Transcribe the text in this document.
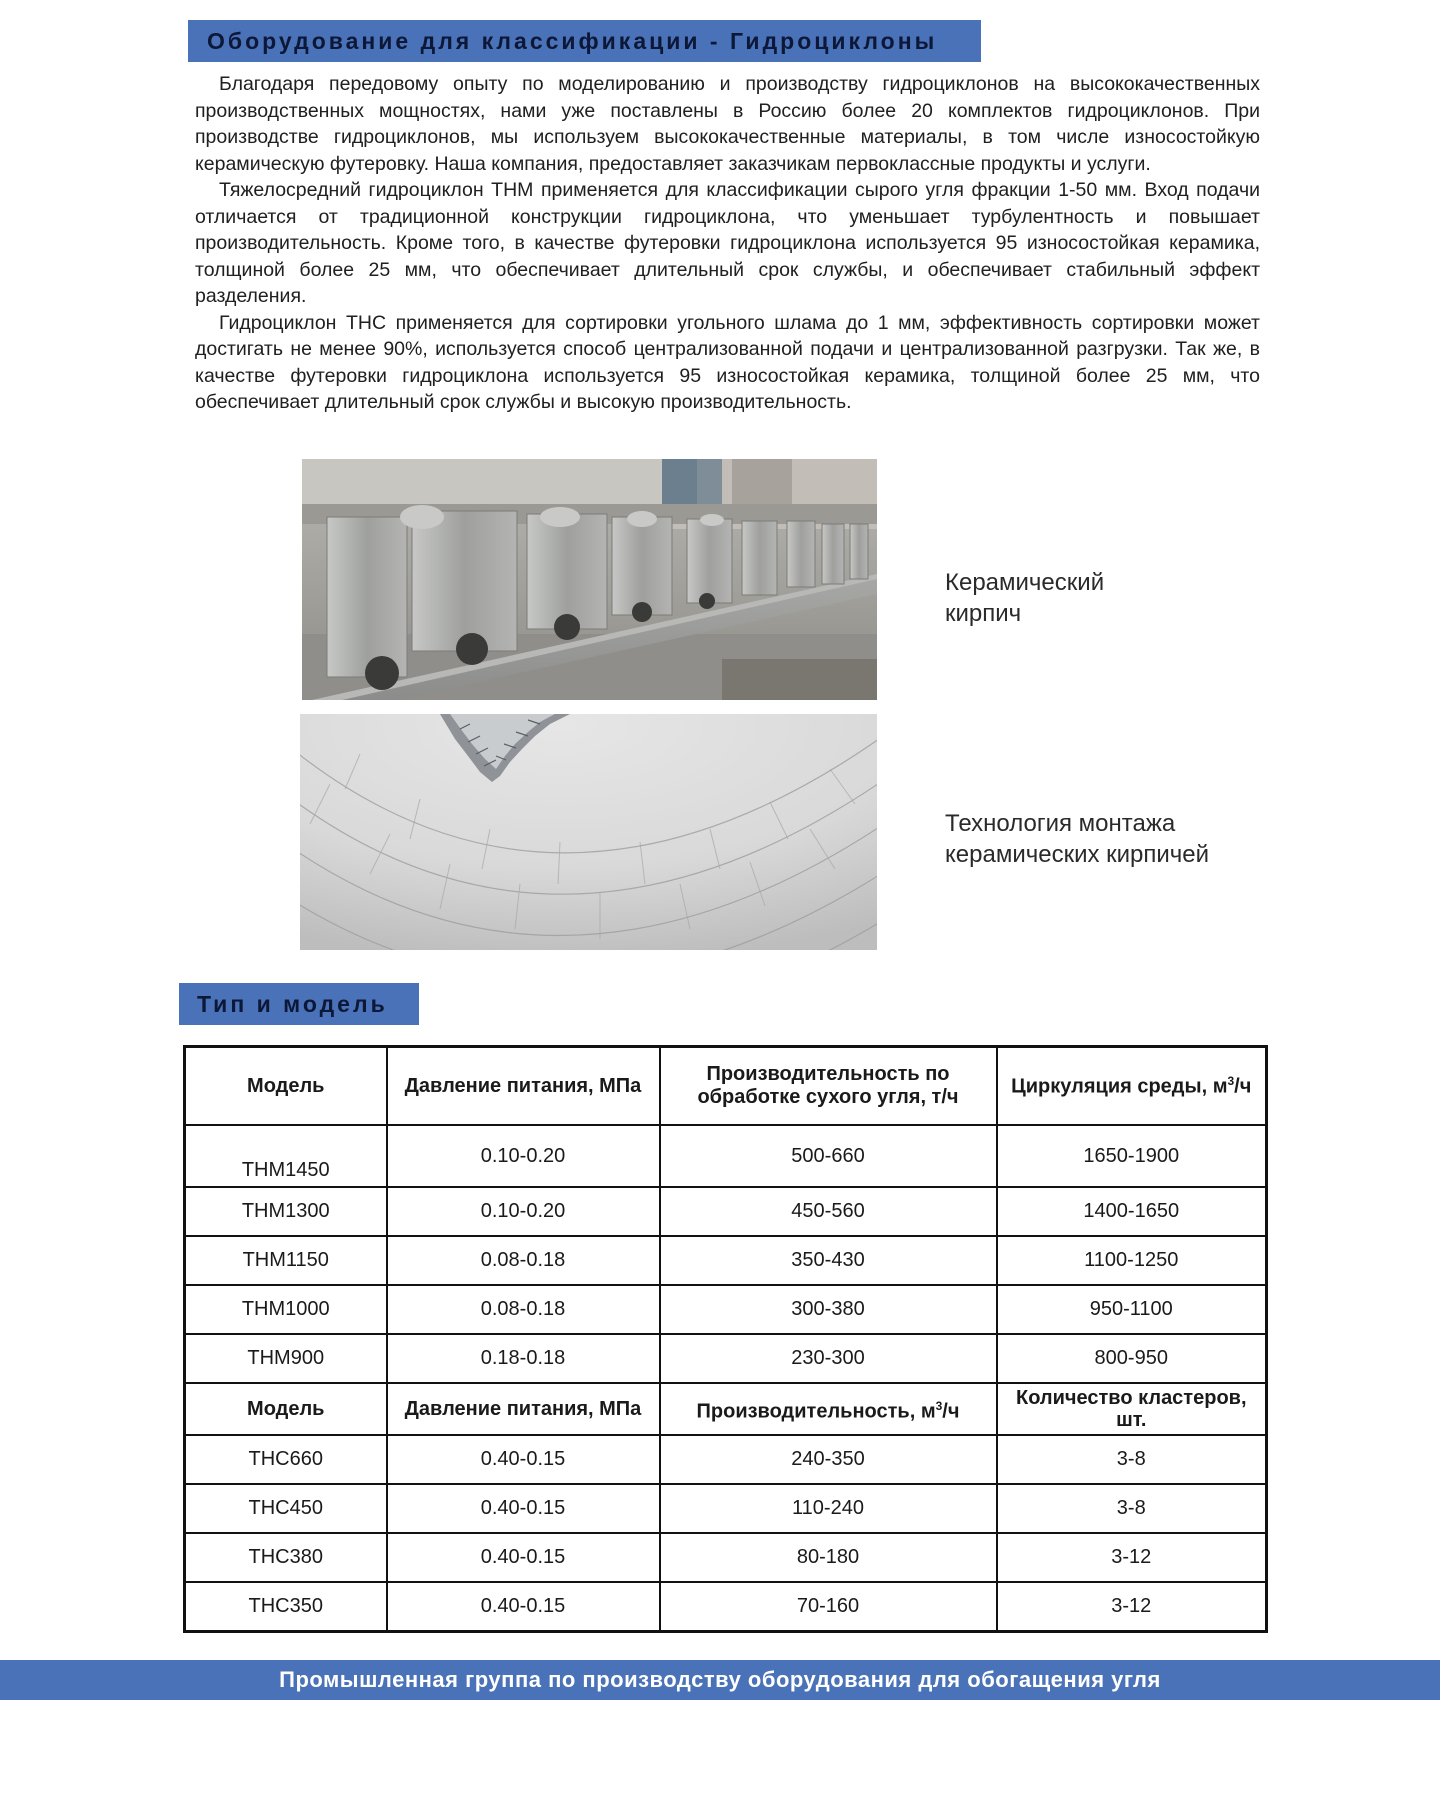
Оборудование для классификации - Гидроциклоны

Благодаря передовому опыту по моделированию и производству гидроциклонов на высококачественных производственных мощностях, нами уже поставлены в Россию более 20 комплектов гидроциклонов. При производстве гидроциклонов, мы используем высококачественные материалы, в том числе износостойкую керамическую футеровку. Наша компания, предоставляет заказчикам первоклассные продукты и услуги.

Тяжелосредний гидроциклон THM применяется для классификации сырого угля фракции 1-50 мм. Вход подачи отличается от традиционной конструкции гидроциклона, что уменьшает турбулентность и повышает производительность. Кроме того, в качестве футеровки гидроциклона используется 95 износостойкая керамика, толщиной более 25 мм, что обеспечивает длительный срок службы, и обеспечивает стабильный эффект разделения.

Гидроциклон THC применяется для сортировки угольного шлама до 1 мм, эффективность сортировки может достигать не менее 90%, используется способ централизованной подачи и централизованной разгрузки. Так же, в качестве футеровки гидроциклона используется 95 износостойкая керамика, толщиной более 25 мм, что обеспечивает длительный срок службы и высокую производительность.

Керамический
кирпич
Технология монтажа
керамических кирпичей
Тип и модель
Модель	Давление питания, МПа	Производительность по
обработке сухого угля, т/ч	Циркуляция среды, $м^3/ч$
THM1450	0.10-0.20	500-660	1650-1900
THM1300	0.10-0.20	450-560	1400-1650
THM1150	0.08-0.18	350-430	1100-1250
THM1000	0.08-0.18	300-380	950-1100
THM900	0.18-0.18	230-300	800-950
Модель	Давление питания, МПа	Производительность, $м^3/ч$	Количество кластеров,
шт.

THC660	0.40-0.15	240-350	3-8
THC450	0.40-0.15	110-240	3-8
THC380	0.40-0.15	80-180	3-12
THC350	0.40-0.15	70-160	3-12
Промышленная группа по производству оборудования для обогащения угля
